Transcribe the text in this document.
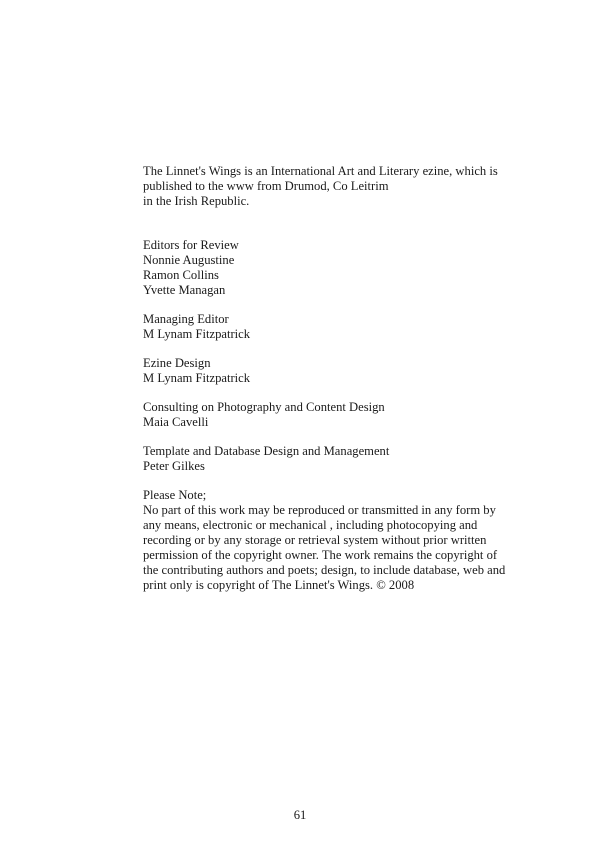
The Linnet's Wings is an International Art and Literary ezine, which is
published to the www from Drumod, Co Leitrim
in the Irish Republic.
Editors for Review
Nonnie Augustine
Ramon Collins
Yvette Managan
Managing Editor
M Lynam Fitzpatrick
Ezine Design
M Lynam Fitzpatrick
Consulting on Photography and Content Design
Maia Cavelli
Template and Database Design and Management
Peter Gilkes
Please Note;
No part of this work may be reproduced or transmitted in any form by
any means, electronic or mechanical , including photocopying and
recording or by any storage or retrieval system without prior written
permission of the copyright owner. The work remains the copyright of
the contributing authors and poets; design, to include database, web and
print only is copyright of The Linnet's Wings. © 2008
61
